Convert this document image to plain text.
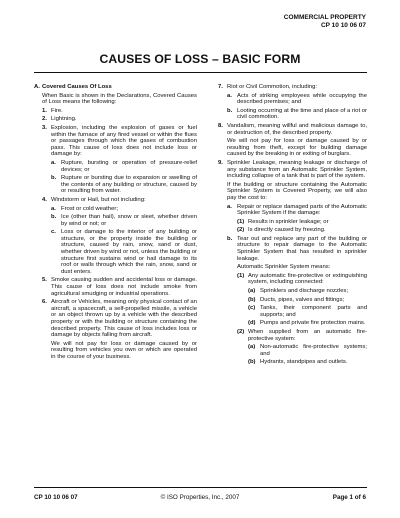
COMMERCIAL PROPERTY
CP 10 10 06 07
CAUSES OF LOSS – BASIC FORM
A. Covered Causes Of Loss
When Basic is shown in the Declarations, Covered Causes of Loss means the following:
1. Fire.
2. Lightning.
3. Explosion, including the explosion of gases or fuel within the furnace of any fired vessel or within the flues or passages through which the gases of combustion pass. This cause of loss does not include loss or damage by:
a. Rupture, bursting or operation of pressure-relief devices; or
b. Rupture or bursting due to expansion or swelling of the contents of any building or structure, caused by or resulting from water.
4. Windstorm or Hail, but not including:
a. Frost or cold weather;
b. Ice (other than hail), snow or sleet, whether driven by wind or not; or
c. Loss or damage to the interior of any building or structure, or the property inside the building or structure, caused by rain, snow, sand or dust, whether driven by wind or not, unless the building or structure first sustains wind or hail damage to its roof or walls through which the rain, snow, sand or dust enters.
5. Smoke causing sudden and accidental loss or damage. This cause of loss does not include smoke from agricultural smudging or industrial operations.
6. Aircraft or Vehicles, meaning only physical contact of an aircraft, a spacecraft, a self-propelled missile, a vehicle or an object thrown up by a vehicle with the described property or with the building or structure containing the described property. This cause of loss includes loss or damage by objects falling from aircraft.
We will not pay for loss or damage caused by or resulting from vehicles you own or which are operated in the course of your business.
7. Riot or Civil Commotion, including:
a. Acts of striking employees while occupying the described premises; and
b. Looting occurring at the time and place of a riot or civil commotion.
8. Vandalism, meaning willful and malicious damage to, or destruction of, the described property.
We will not pay for loss or damage caused by or resulting from theft, except for building damage caused by the breaking in or exiting of burglars.
9. Sprinkler Leakage, meaning leakage or discharge of any substance from an Automatic Sprinkler System, including collapse of a tank that is part of the system.
If the building or structure containing the Automatic Sprinkler System is Covered Property, we will also pay the cost to:
a. Repair or replace damaged parts of the Automatic Sprinkler System if the damage:
(1) Results in sprinkler leakage; or
(2) Is directly caused by freezing.
b. Tear out and replace any part of the building or structure to repair damage to the Automatic Sprinkler System that has resulted in sprinkler leakage.
Automatic Sprinkler System means:
(1) Any automatic fire-protective or extinguishing system, including connected:
(a) Sprinklers and discharge nozzles;
(b) Ducts, pipes, valves and fittings;
(c) Tanks, their component parts and supports; and
(d) Pumps and private fire protection mains.
(2) When supplied from an automatic fire-protective system:
(a) Non-automatic fire-protective systems; and
(b) Hydrants, standpipes and outlets.
CP 10 10 06 07	© ISO Properties, Inc., 2007	Page 1 of 6
